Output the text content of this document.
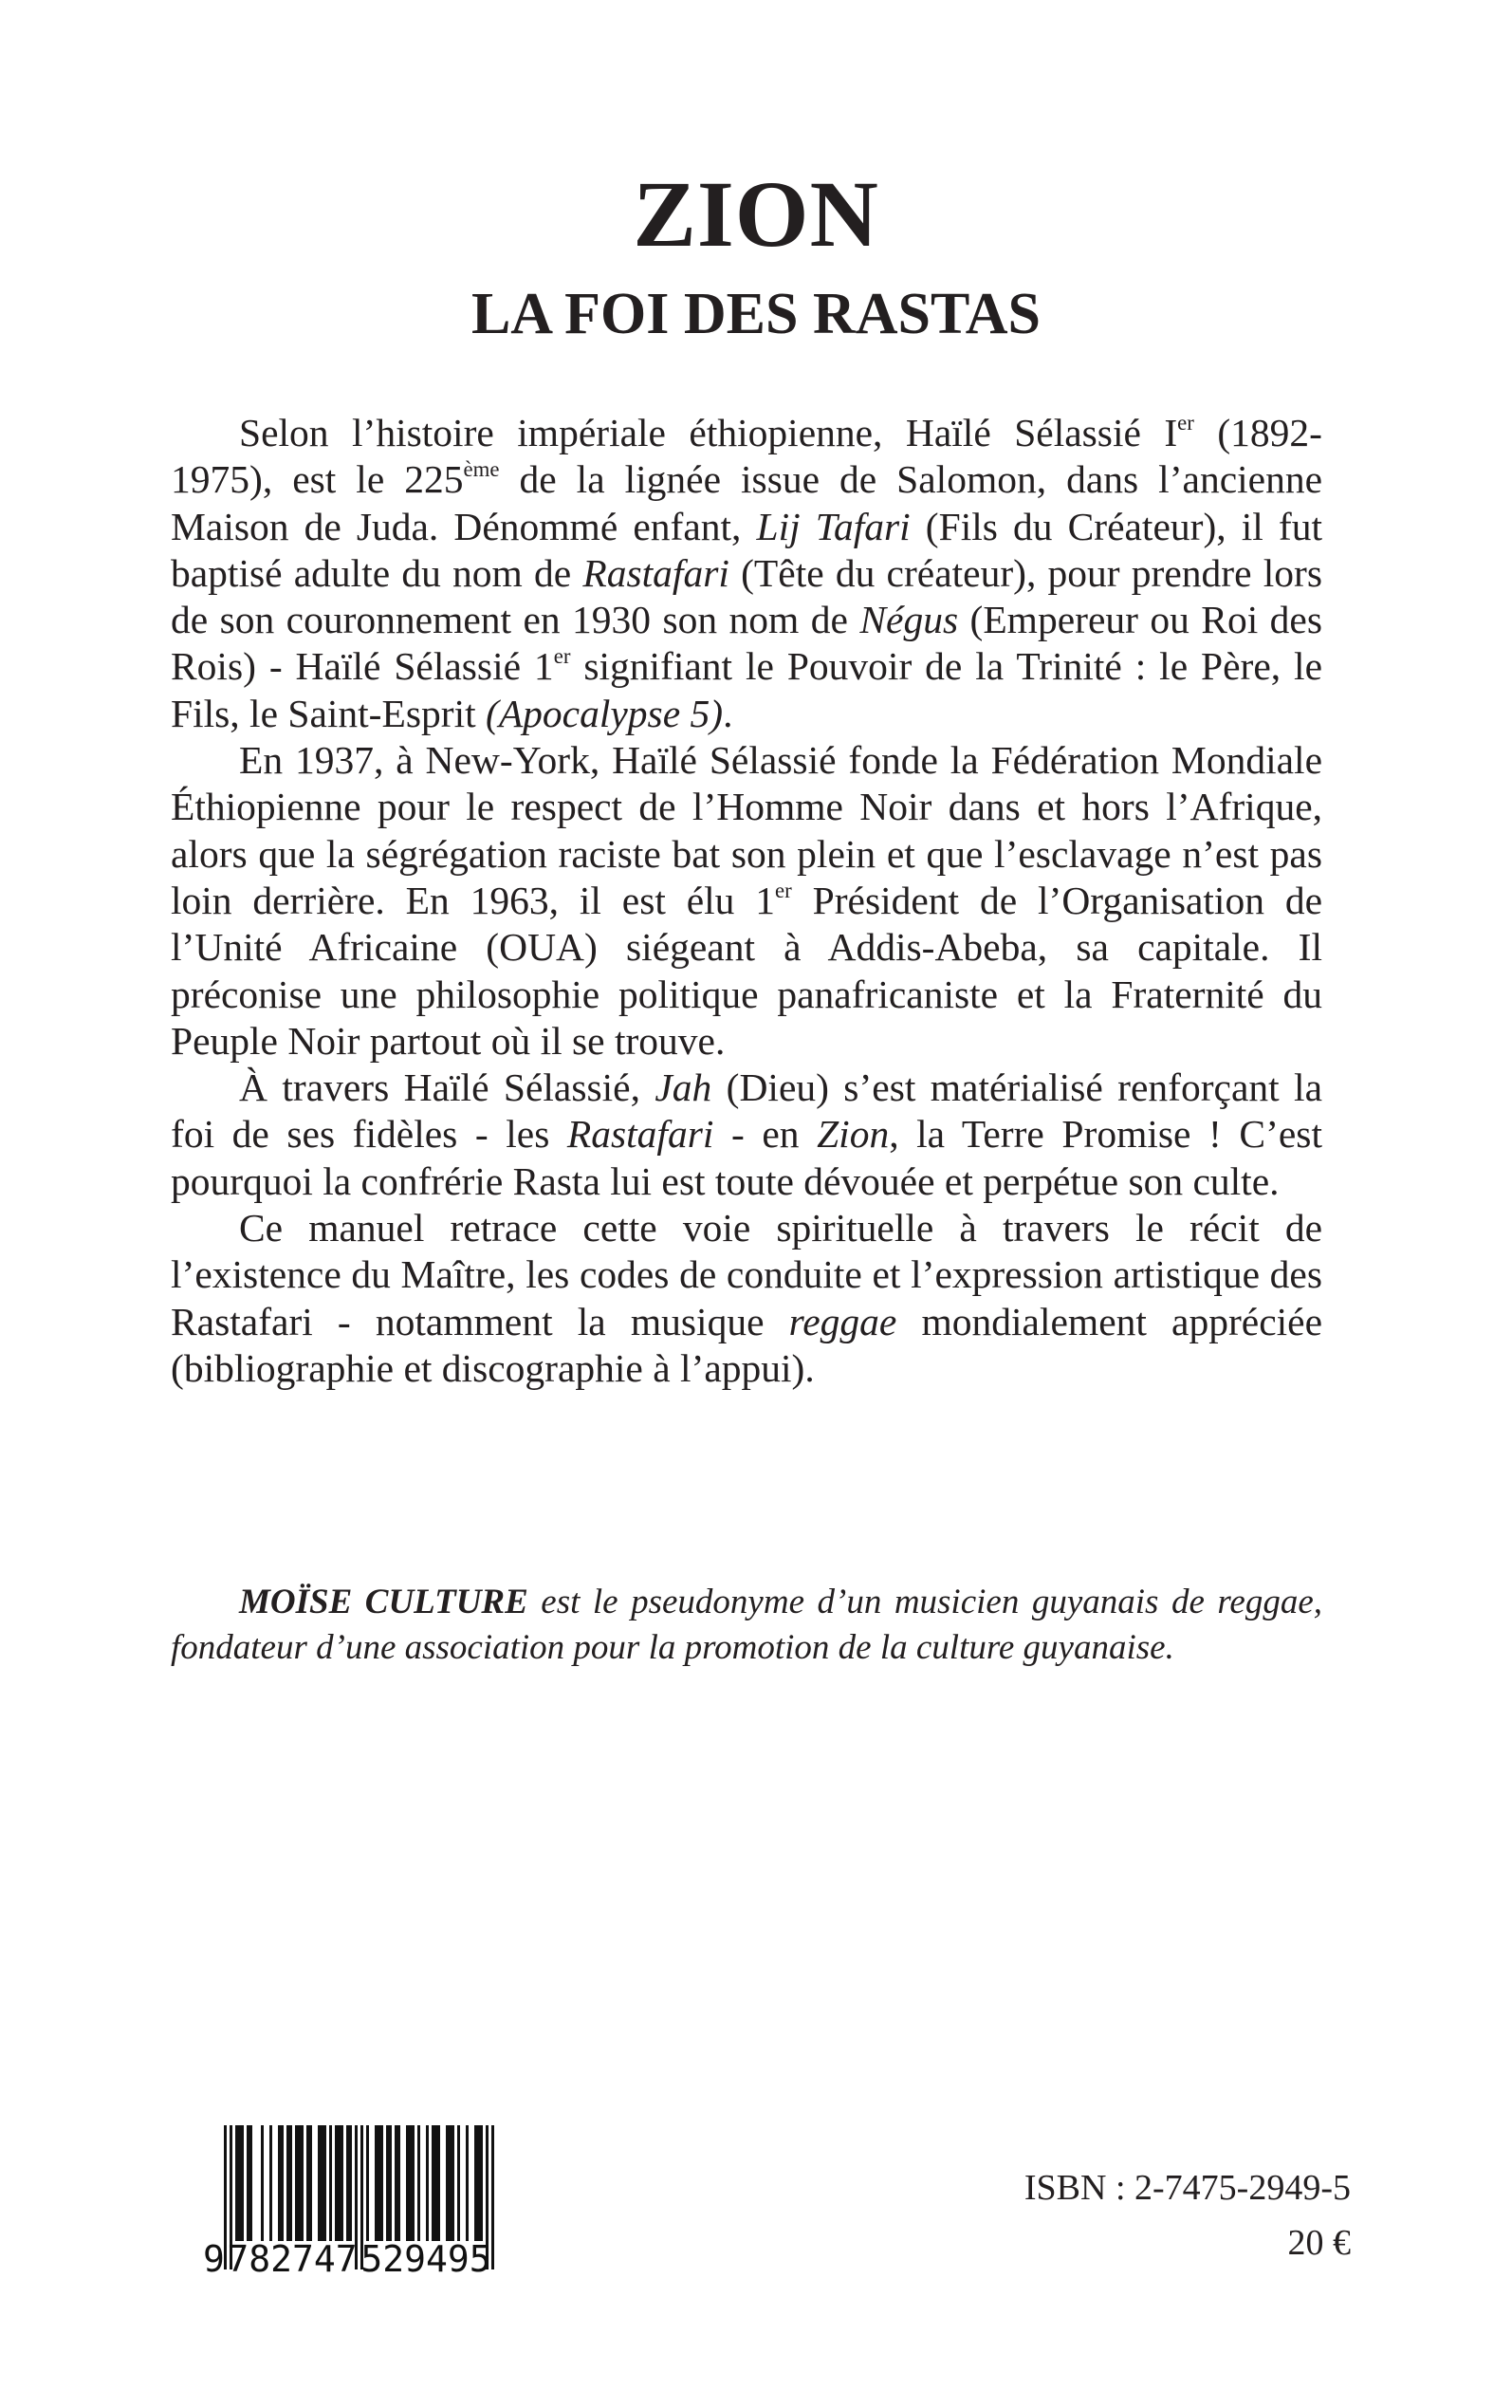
ZION
LA FOI DES RASTAS

Selon l’histoire impériale éthiopienne, Haïlé Sélassié Ier (1892-1975), est le 225ème de la lignée issue de Salomon, dans l’ancienne Maison de Juda. Dénommé enfant, Lij Tafari (Fils du Créateur), il fut baptisé adulte du nom de Rastafari (Tête du créateur), pour prendre lors de son couronnement en 1930 son nom de Négus (Empereur ou Roi des Rois) - Haïlé Sélassié 1er signifiant le Pouvoir de la Trinité : le Père, le Fils, le Saint-Esprit (Apocalypse 5).

En 1937, à New-York, Haïlé Sélassié fonde la Fédération Mondiale Éthiopienne pour le respect de l’Homme Noir dans et hors l’Afrique, alors que la ségrégation raciste bat son plein et que l’esclavage n’est pas loin derrière. En 1963, il est élu 1er Président de l’Organisation de l’Unité Africaine (OUA) siégeant à Addis-Abeba, sa capitale. Il préconise une philosophie politique panafricaniste et la Fraternité du Peuple Noir partout où il se trouve.

À travers Haïlé Sélassié, Jah (Dieu) s’est matérialisé renforçant la foi de ses fidèles - les Rastafari - en Zion, la Terre Promise ! C’est pourquoi la confrérie Rasta lui est toute dévouée et perpétue son culte.

Ce manuel retrace cette voie spirituelle à travers le récit de l’existence du Maître, les codes de conduite et l’expression artistique des Rastafari - notamment la musique reggae mondialement appréciée (bibliographie et discographie à l’appui).

MOÏSE CULTURE est le pseudonyme d’un musicien guyanais de reggae, fondateur d’une association pour la promotion de la culture guyanaise.
9 782747 529495
ISBN : 2-7475-2949-5
20 €
